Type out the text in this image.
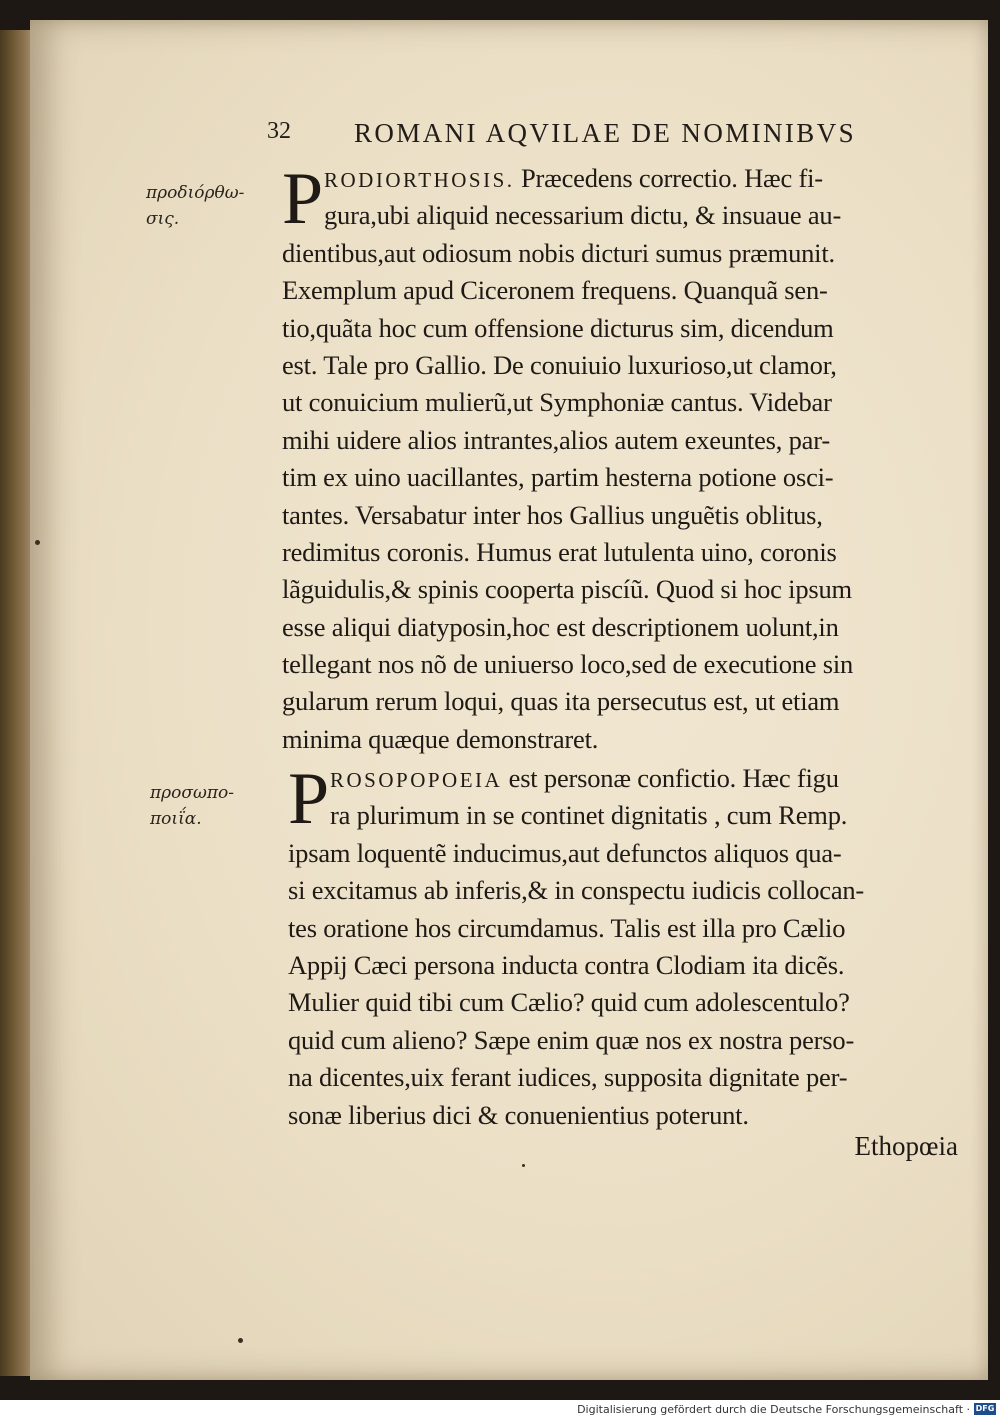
32 ROMANI AQVILAE DE NOMINIBVS
προδιόρθω-
σις.	P RODIORTHOSIS. Præcedens correctio. Hæc fi-
gura,ubi aliquid necessarium dictu, & insuaue au-
dientibus,aut odiosum nobis dicturi sumus præmunit.
Exemplum apud Ciceronem frequens. Quanquã sen-
tio,quãta hoc cum offensione dicturus sim, dicendum
est. Tale pro Gallio. De conuiuio luxurioso,ut clamor,
ut conuicium mulierũ,ut Symphoniæ cantus. Videbar
mihi uidere alios intrantes,alios autem exeuntes, par-
tim ex uino uacillantes, partim hesterna potione osci-
tantes. Versabatur inter hos Gallius unguẽtis oblitus,
redimitus coronis. Humus erat lutulenta uino, coronis
lãguidulis,& spinis cooperta piscíũ. Quod si hoc ipsum
esse aliqui diatyposin,hoc est descriptionem uolunt,in
tellegant nos nõ de uniuerso loco,sed de executione sin
gularum rerum loqui, quas ita persecutus est, ut etiam
minima quæque demonstraret.
προσωπο-
ποιΐα.	P ROSOPOPOEIA est personæ confictio. Hæc figu
ra plurimum in se continet dignitatis , cum Remp.
ipsam loquentẽ inducimus,aut defunctos aliquos qua-
si excitamus ab inferis,& in conspectu iudicis collocan-
tes oratione hos circumdamus. Talis est illa pro Cælio
Appij Cæci persona inducta contra Clodiam ita dicẽs.
Mulier quid tibi cum Cælio? quid cum adolescentulo?
quid cum alieno? Sæpe enim quæ nos ex nostra perso-
na dicentes,uix ferant iudices, supposita dignitate per-
sonæ liberius dici & conuenientius poterunt.
Ethopœia
Digitalisierung gefördert durch die Deutsche Forschungsgemeinschaft · DFG
